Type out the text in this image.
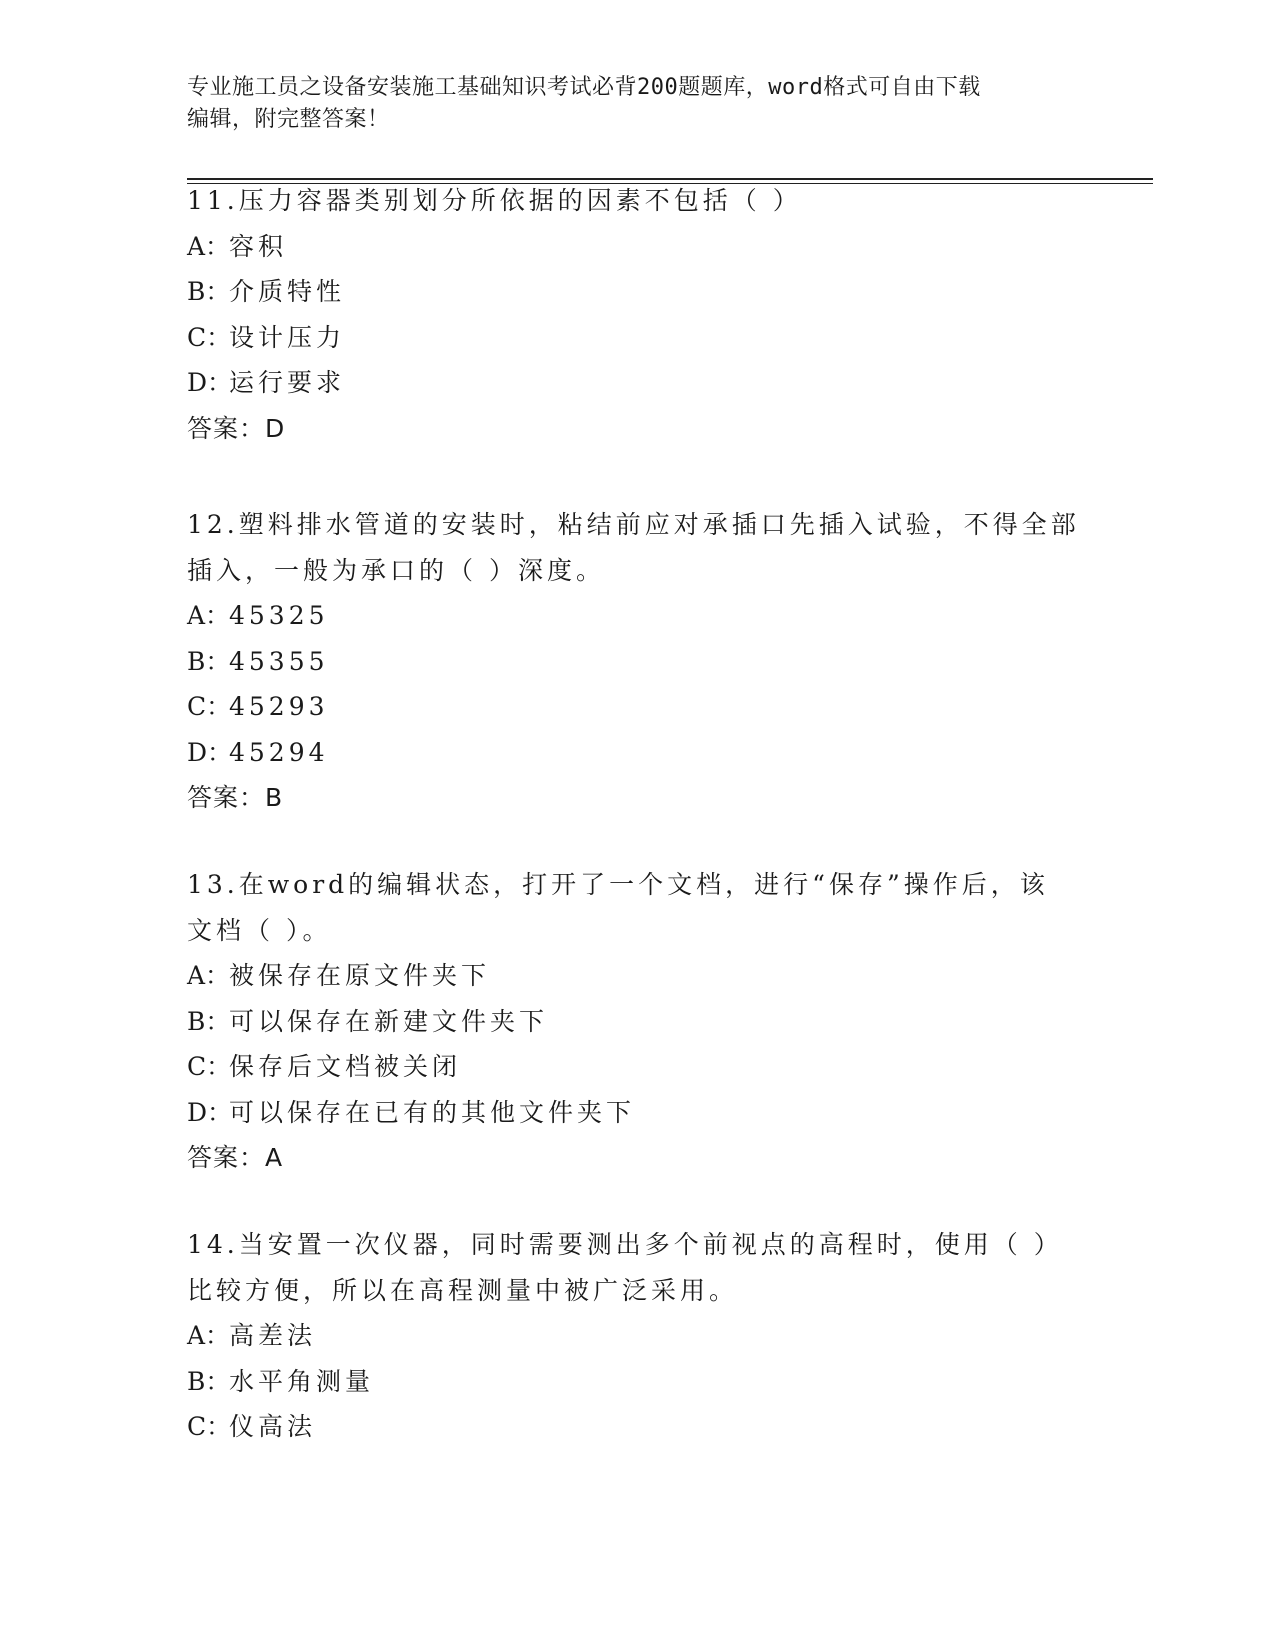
专业施工员之设备安装施工基础知识考试必背200题题库，word格式可自由下载
编辑，附完整答案！
11.压力容器类别划分所依据的因素不包括（ ）
A：容积
B：介质特性
C：设计压力
D：运行要求
答案：D
12.塑料排水管道的安装时，粘结前应对承插口先插入试验，不得全部
插入，一般为承口的（ ）深度。
A：45325
B：45355
C：45293
D：45294
答案：B
13.在word的编辑状态，打开了一个文档，进行“保存”操作后，该
文档（ ）。
A：被保存在原文件夹下
B：可以保存在新建文件夹下
C：保存后文档被关闭
D：可以保存在已有的其他文件夹下
答案：A
14.当安置一次仪器，同时需要测出多个前视点的高程时，使用（ ）
比较方便，所以在高程测量中被广泛采用。
A：高差法
B：水平角测量
C：仪高法
